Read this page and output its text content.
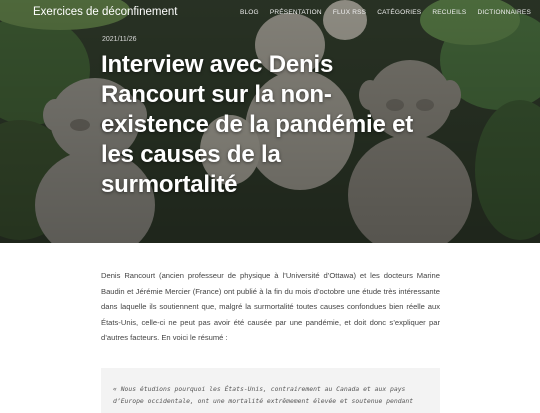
Exercices de déconfinement	BLOG PRÉSENTATION FLUX RSS CATÉGORIES RECUEILS DICTIONNAIRES
2021/11/26
Interview avec Denis Rancourt sur la non-existence de la pandémie et les causes de la surmortalité

Denis Rancourt (ancien professeur de physique à l’Université d’Ottawa) et les docteurs Marine Baudin et Jérémie Mercier (France) ont publié à la fin du mois d’octobre une étude très intéressante dans laquelle ils soutiennent que, malgré la surmortalité toutes causes confondues bien réelle aux États-Unis, celle-ci ne peut pas avoir été causée par une pandémie, et doit donc s’expliquer par d’autres facteurs. En voici le résumé :

« Nous étudions pourquoi les États-Unis, contrairement au Canada et aux pays d’Europe occidentale, ont une mortalité extrêmement élevée et soutenue pendant
